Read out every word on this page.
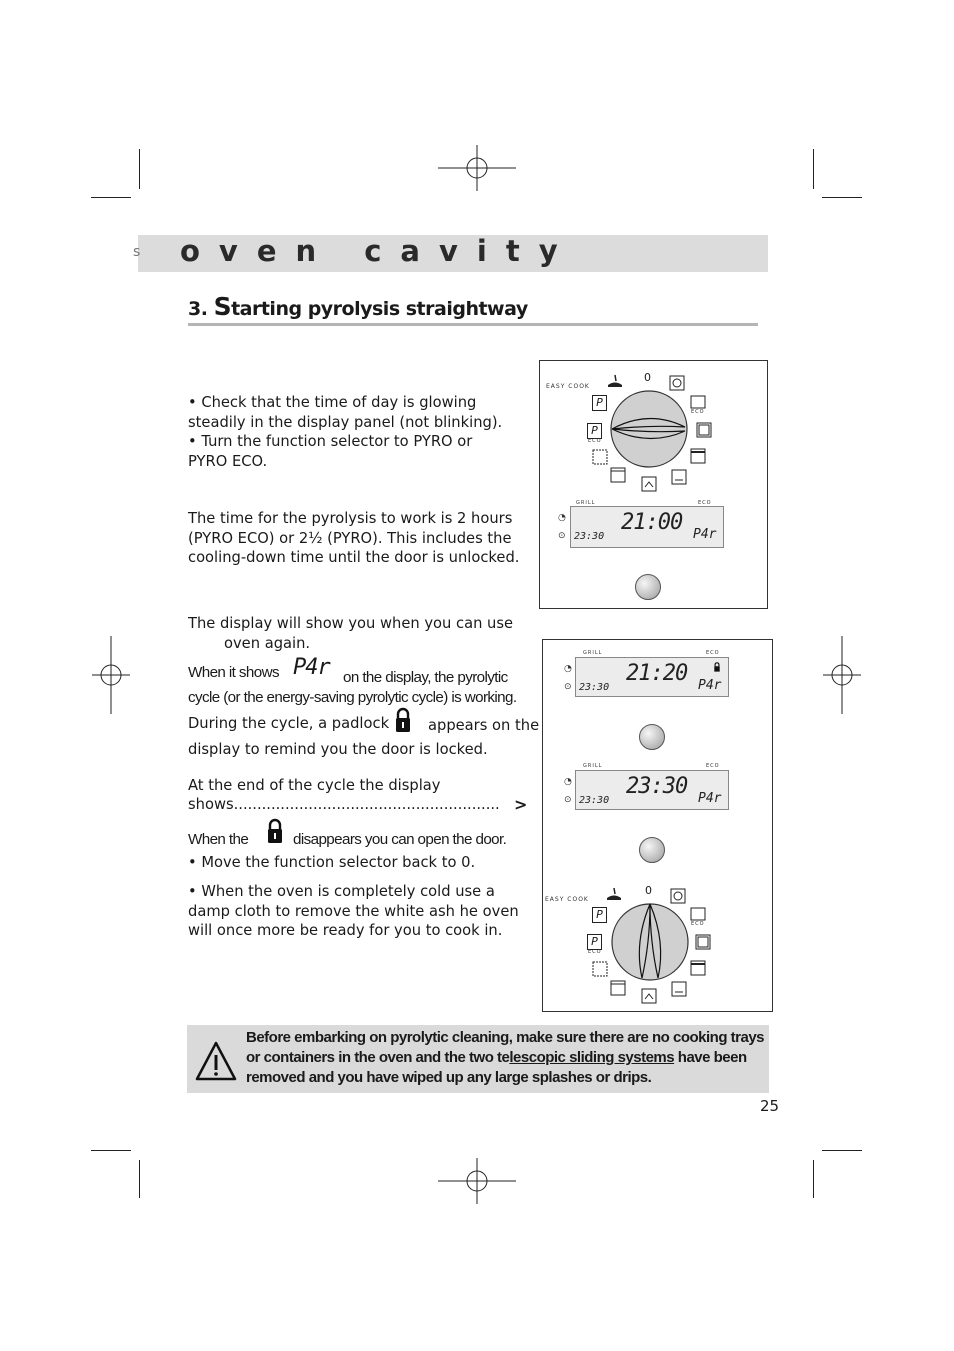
s oven cavity
3. Starting pyrolysis straightway
• Check that the time of day is glowing steadily in the display panel (not blinking).
• Turn the function selector to PYRO or PYRO ECO.
The time for the pyrolysis to work is 2 hours (PYRO ECO) or 2½ (PYRO). This includes the cooling-down time until the door is unlocked.
The display will show you when you can use
oven again.
When it shows P4r on the display, the pyrolytic
cycle (or the energy-saving pyrolytic cycle) is working.
During the cycle, a padlock	appears on the
display to remind you the door is locked.
At the end of the cycle the display
shows......................................................... >
When the	disappears you can open the door.
• Move the function selector back to 0.
• When the oven is completely cold use a damp cloth to remove the white ash he oven will once more be ready for you to cook in.
EASY COOK
0
P
P
ECO
ECO
21:00
23:30	P4r
GRILL	ECO
◔
⊙
GRILL	ECO
21:20
23:30	P4r
◔
⊙
GRILL	ECO
23:30
23:30	P4r
◔
⊙
EASY COOK
0
P
P
ECO
ECO
Before embarking on pyrolytic cleaning, make sure there are no cooking trays or containers in the oven and the two telescopic sliding systems have been removed and you have wiped up any large splashes or drips.
25
